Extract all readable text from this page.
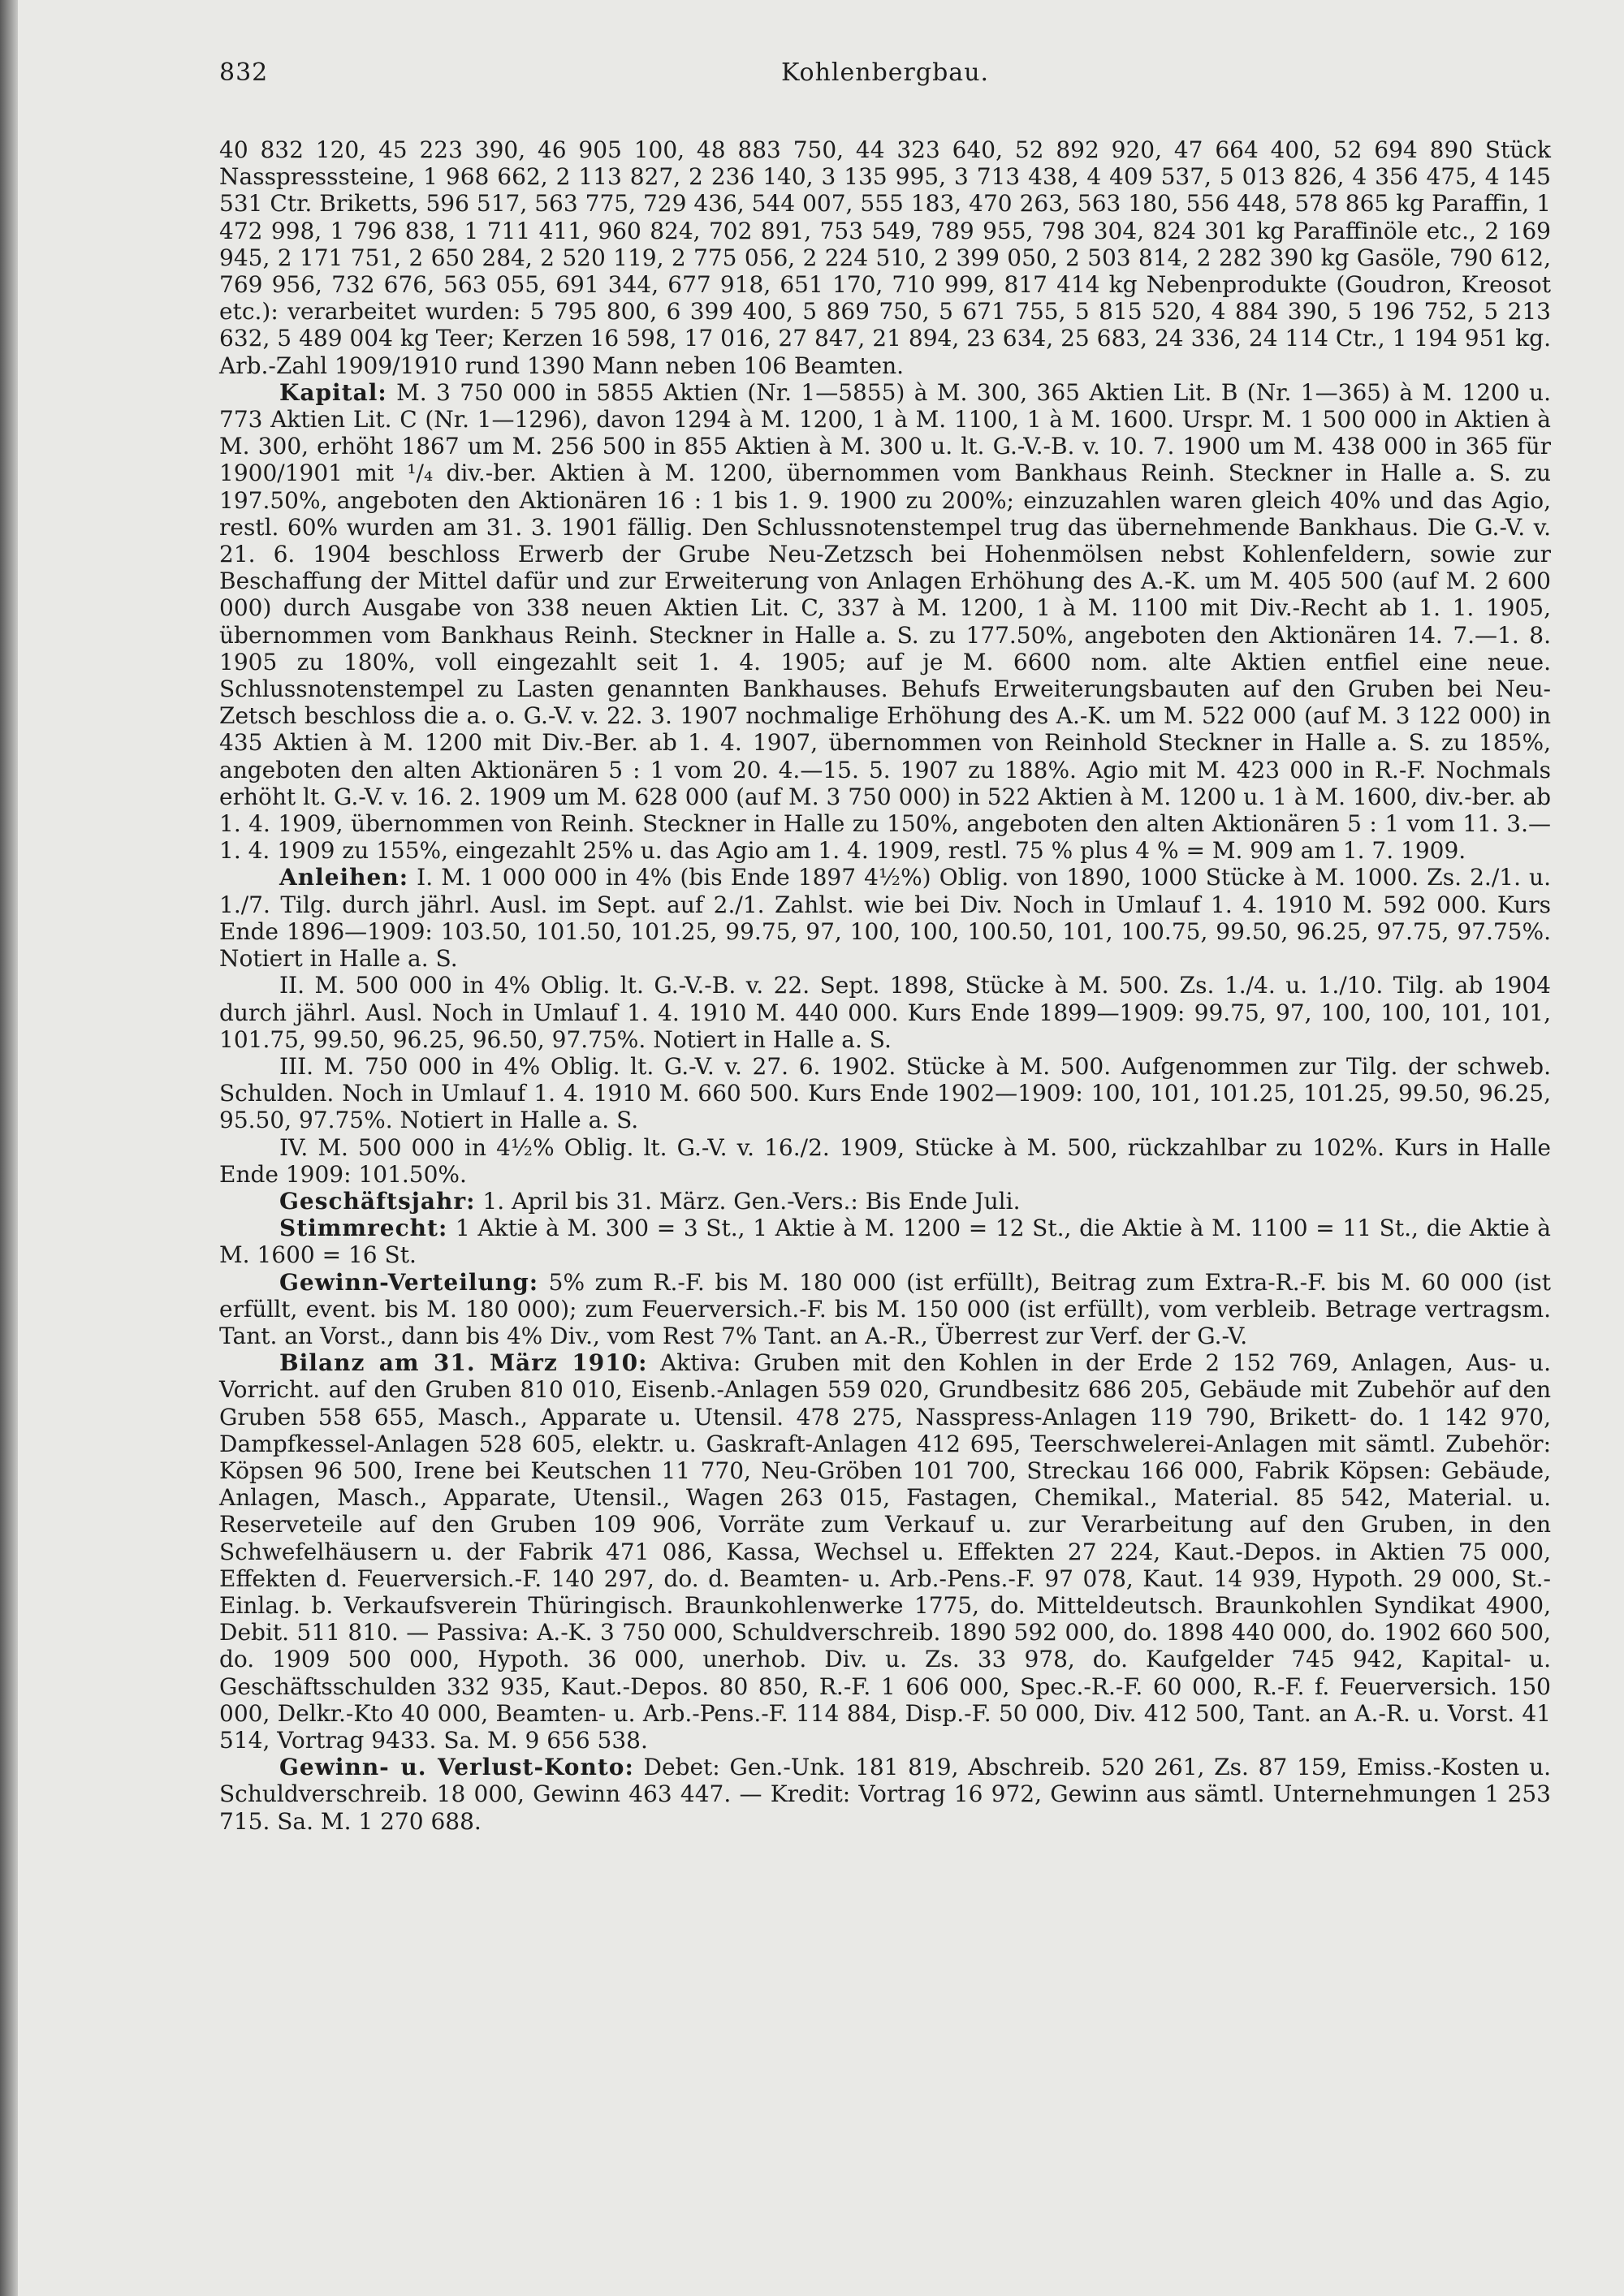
832	Kohlenbergbau.

40 832 120, 45 223 390, 46 905 100, 48 883 750, 44 323 640, 52 892 920, 47 664 400, 52 694 890 Stück Nasspresssteine, 1 968 662, 2 113 827, 2 236 140, 3 135 995, 3 713 438, 4 409 537, 5 013 826, 4 356 475, 4 145 531 Ctr. Briketts, 596 517, 563 775, 729 436, 544 007, 555 183, 470 263, 563 180, 556 448, 578 865 kg Paraffin, 1 472 998, 1 796 838, 1 711 411, 960 824, 702 891, 753 549, 789 955, 798 304, 824 301 kg Paraffinöle etc., 2 169 945, 2 171 751, 2 650 284, 2 520 119, 2 775 056, 2 224 510, 2 399 050, 2 503 814, 2 282 390 kg Gasöle, 790 612, 769 956, 732 676, 563 055, 691 344, 677 918, 651 170, 710 999, 817 414 kg Nebenprodukte (Goudron, Kreosot etc.): verarbeitet wurden: 5 795 800, 6 399 400, 5 869 750, 5 671 755, 5 815 520, 4 884 390, 5 196 752, 5 213 632, 5 489 004 kg Teer; Kerzen 16 598, 17 016, 27 847, 21 894, 23 634, 25 683, 24 336, 24 114 Ctr., 1 194 951 kg. Arb.-Zahl 1909/1910 rund 1390 Mann neben 106 Beamten.

Kapital: M. 3 750 000 in 5855 Aktien (Nr. 1—5855) à M. 300, 365 Aktien Lit. B (Nr. 1—365) à M. 1200 u. 773 Aktien Lit. C (Nr. 1—1296), davon 1294 à M. 1200, 1 à M. 1100, 1 à M. 1600. Urspr. M. 1 500 000 in Aktien à M. 300, erhöht 1867 um M. 256 500 in 855 Aktien à M. 300 u. lt. G.-V.-B. v. 10. 7. 1900 um M. 438 000 in 365 für 1900/1901 mit ¹/₄ div.-ber. Aktien à M. 1200, übernommen vom Bankhaus Reinh. Steckner in Halle a. S. zu 197.50%, angeboten den Aktionären 16 : 1 bis 1. 9. 1900 zu 200%; einzuzahlen waren gleich 40% und das Agio, restl. 60% wurden am 31. 3. 1901 fällig. Den Schlussnotenstempel trug das übernehmende Bankhaus. Die G.-V. v. 21. 6. 1904 beschloss Erwerb der Grube Neu-Zetzsch bei Hohenmölsen nebst Kohlenfeldern, sowie zur Beschaffung der Mittel dafür und zur Erweiterung von Anlagen Erhöhung des A.-K. um M. 405 500 (auf M. 2 600 000) durch Ausgabe von 338 neuen Aktien Lit. C, 337 à M. 1200, 1 à M. 1100 mit Div.-Recht ab 1. 1. 1905, übernommen vom Bankhaus Reinh. Steckner in Halle a. S. zu 177.50%, angeboten den Aktionären 14. 7.—1. 8. 1905 zu 180%, voll eingezahlt seit 1. 4. 1905; auf je M. 6600 nom. alte Aktien entfiel eine neue. Schlussnotenstempel zu Lasten genannten Bankhauses. Behufs Erweiterungsbauten auf den Gruben bei Neu-Zetsch beschloss die a. o. G.-V. v. 22. 3. 1907 nochmalige Erhöhung des A.-K. um M. 522 000 (auf M. 3 122 000) in 435 Aktien à M. 1200 mit Div.-Ber. ab 1. 4. 1907, übernommen von Reinhold Steckner in Halle a. S. zu 185%, angeboten den alten Aktionären 5 : 1 vom 20. 4.—15. 5. 1907 zu 188%. Agio mit M. 423 000 in R.-F. Nochmals erhöht lt. G.-V. v. 16. 2. 1909 um M. 628 000 (auf M. 3 750 000) in 522 Aktien à M. 1200 u. 1 à M. 1600, div.-ber. ab 1. 4. 1909, übernommen von Reinh. Steckner in Halle zu 150%, angeboten den alten Aktionären 5 : 1 vom 11. 3.—1. 4. 1909 zu 155%, eingezahlt 25% u. das Agio am 1. 4. 1909, restl. 75 % plus 4 % = M. 909 am 1. 7. 1909.

Anleihen: I. M. 1 000 000 in 4% (bis Ende 1897 4½%) Oblig. von 1890, 1000 Stücke à M. 1000. Zs. 2./1. u. 1./7. Tilg. durch jährl. Ausl. im Sept. auf 2./1. Zahlst. wie bei Div. Noch in Umlauf 1. 4. 1910 M. 592 000. Kurs Ende 1896—1909: 103.50, 101.50, 101.25, 99.75, 97, 100, 100, 100.50, 101, 100.75, 99.50, 96.25, 97.75, 97.75%. Notiert in Halle a. S.

II. M. 500 000 in 4% Oblig. lt. G.-V.-B. v. 22. Sept. 1898, Stücke à M. 500. Zs. 1./4. u. 1./10. Tilg. ab 1904 durch jährl. Ausl. Noch in Umlauf 1. 4. 1910 M. 440 000. Kurs Ende 1899—1909: 99.75, 97, 100, 100, 101, 101, 101.75, 99.50, 96.25, 96.50, 97.75%. Notiert in Halle a. S.

III. M. 750 000 in 4% Oblig. lt. G.-V. v. 27. 6. 1902. Stücke à M. 500. Aufgenommen zur Tilg. der schweb. Schulden. Noch in Umlauf 1. 4. 1910 M. 660 500. Kurs Ende 1902—1909: 100, 101, 101.25, 101.25, 99.50, 96.25, 95.50, 97.75%. Notiert in Halle a. S.

IV. M. 500 000 in 4½% Oblig. lt. G.-V. v. 16./2. 1909, Stücke à M. 500, rückzahlbar zu 102%. Kurs in Halle Ende 1909: 101.50%.

Geschäftsjahr: 1. April bis 31. März. Gen.-Vers.: Bis Ende Juli.

Stimmrecht: 1 Aktie à M. 300 = 3 St., 1 Aktie à M. 1200 = 12 St., die Aktie à M. 1100 = 11 St., die Aktie à M. 1600 = 16 St.

Gewinn-Verteilung: 5% zum R.-F. bis M. 180 000 (ist erfüllt), Beitrag zum Extra-R.-F. bis M. 60 000 (ist erfüllt, event. bis M. 180 000); zum Feuerversich.-F. bis M. 150 000 (ist erfüllt), vom verbleib. Betrage vertragsm. Tant. an Vorst., dann bis 4% Div., vom Rest 7% Tant. an A.-R., Überrest zur Verf. der G.-V.

Bilanz am 31. März 1910: Aktiva: Gruben mit den Kohlen in der Erde 2 152 769, Anlagen, Aus- u. Vorricht. auf den Gruben 810 010, Eisenb.-Anlagen 559 020, Grundbesitz 686 205, Gebäude mit Zubehör auf den Gruben 558 655, Masch., Apparate u. Utensil. 478 275, Nasspress-Anlagen 119 790, Brikett- do. 1 142 970, Dampfkessel-Anlagen 528 605, elektr. u. Gaskraft-Anlagen 412 695, Teerschwelerei-Anlagen mit sämtl. Zubehör: Köpsen 96 500, Irene bei Keutschen 11 770, Neu-Gröben 101 700, Streckau 166 000, Fabrik Köpsen: Gebäude, Anlagen, Masch., Apparate, Utensil., Wagen 263 015, Fastagen, Chemikal., Material. 85 542, Material. u. Reserveteile auf den Gruben 109 906, Vorräte zum Verkauf u. zur Verarbeitung auf den Gruben, in den Schwefelhäusern u. der Fabrik 471 086, Kassa, Wechsel u. Effekten 27 224, Kaut.-Depos. in Aktien 75 000, Effekten d. Feuerversich.-F. 140 297, do. d. Beamten- u. Arb.-Pens.-F. 97 078, Kaut. 14 939, Hypoth. 29 000, St.-Einlag. b. Verkaufsverein Thüringisch. Braunkohlenwerke 1775, do. Mitteldeutsch. Braunkohlen Syndikat 4900, Debit. 511 810. — Passiva: A.-K. 3 750 000, Schuldverschreib. 1890 592 000, do. 1898 440 000, do. 1902 660 500, do. 1909 500 000, Hypoth. 36 000, unerhob. Div. u. Zs. 33 978, do. Kaufgelder 745 942, Kapital- u. Geschäftsschulden 332 935, Kaut.-Depos. 80 850, R.-F. 1 606 000, Spec.-R.-F. 60 000, R.-F. f. Feuerversich. 150 000, Delkr.-Kto 40 000, Beamten- u. Arb.-Pens.-F. 114 884, Disp.-F. 50 000, Div. 412 500, Tant. an A.-R. u. Vorst. 41 514, Vortrag 9433. Sa. M. 9 656 538.

Gewinn- u. Verlust-Konto: Debet: Gen.-Unk. 181 819, Abschreib. 520 261, Zs. 87 159, Emiss.-Kosten u. Schuldverschreib. 18 000, Gewinn 463 447. — Kredit: Vortrag 16 972, Gewinn aus sämtl. Unternehmungen 1 253 715. Sa. M. 1 270 688.
